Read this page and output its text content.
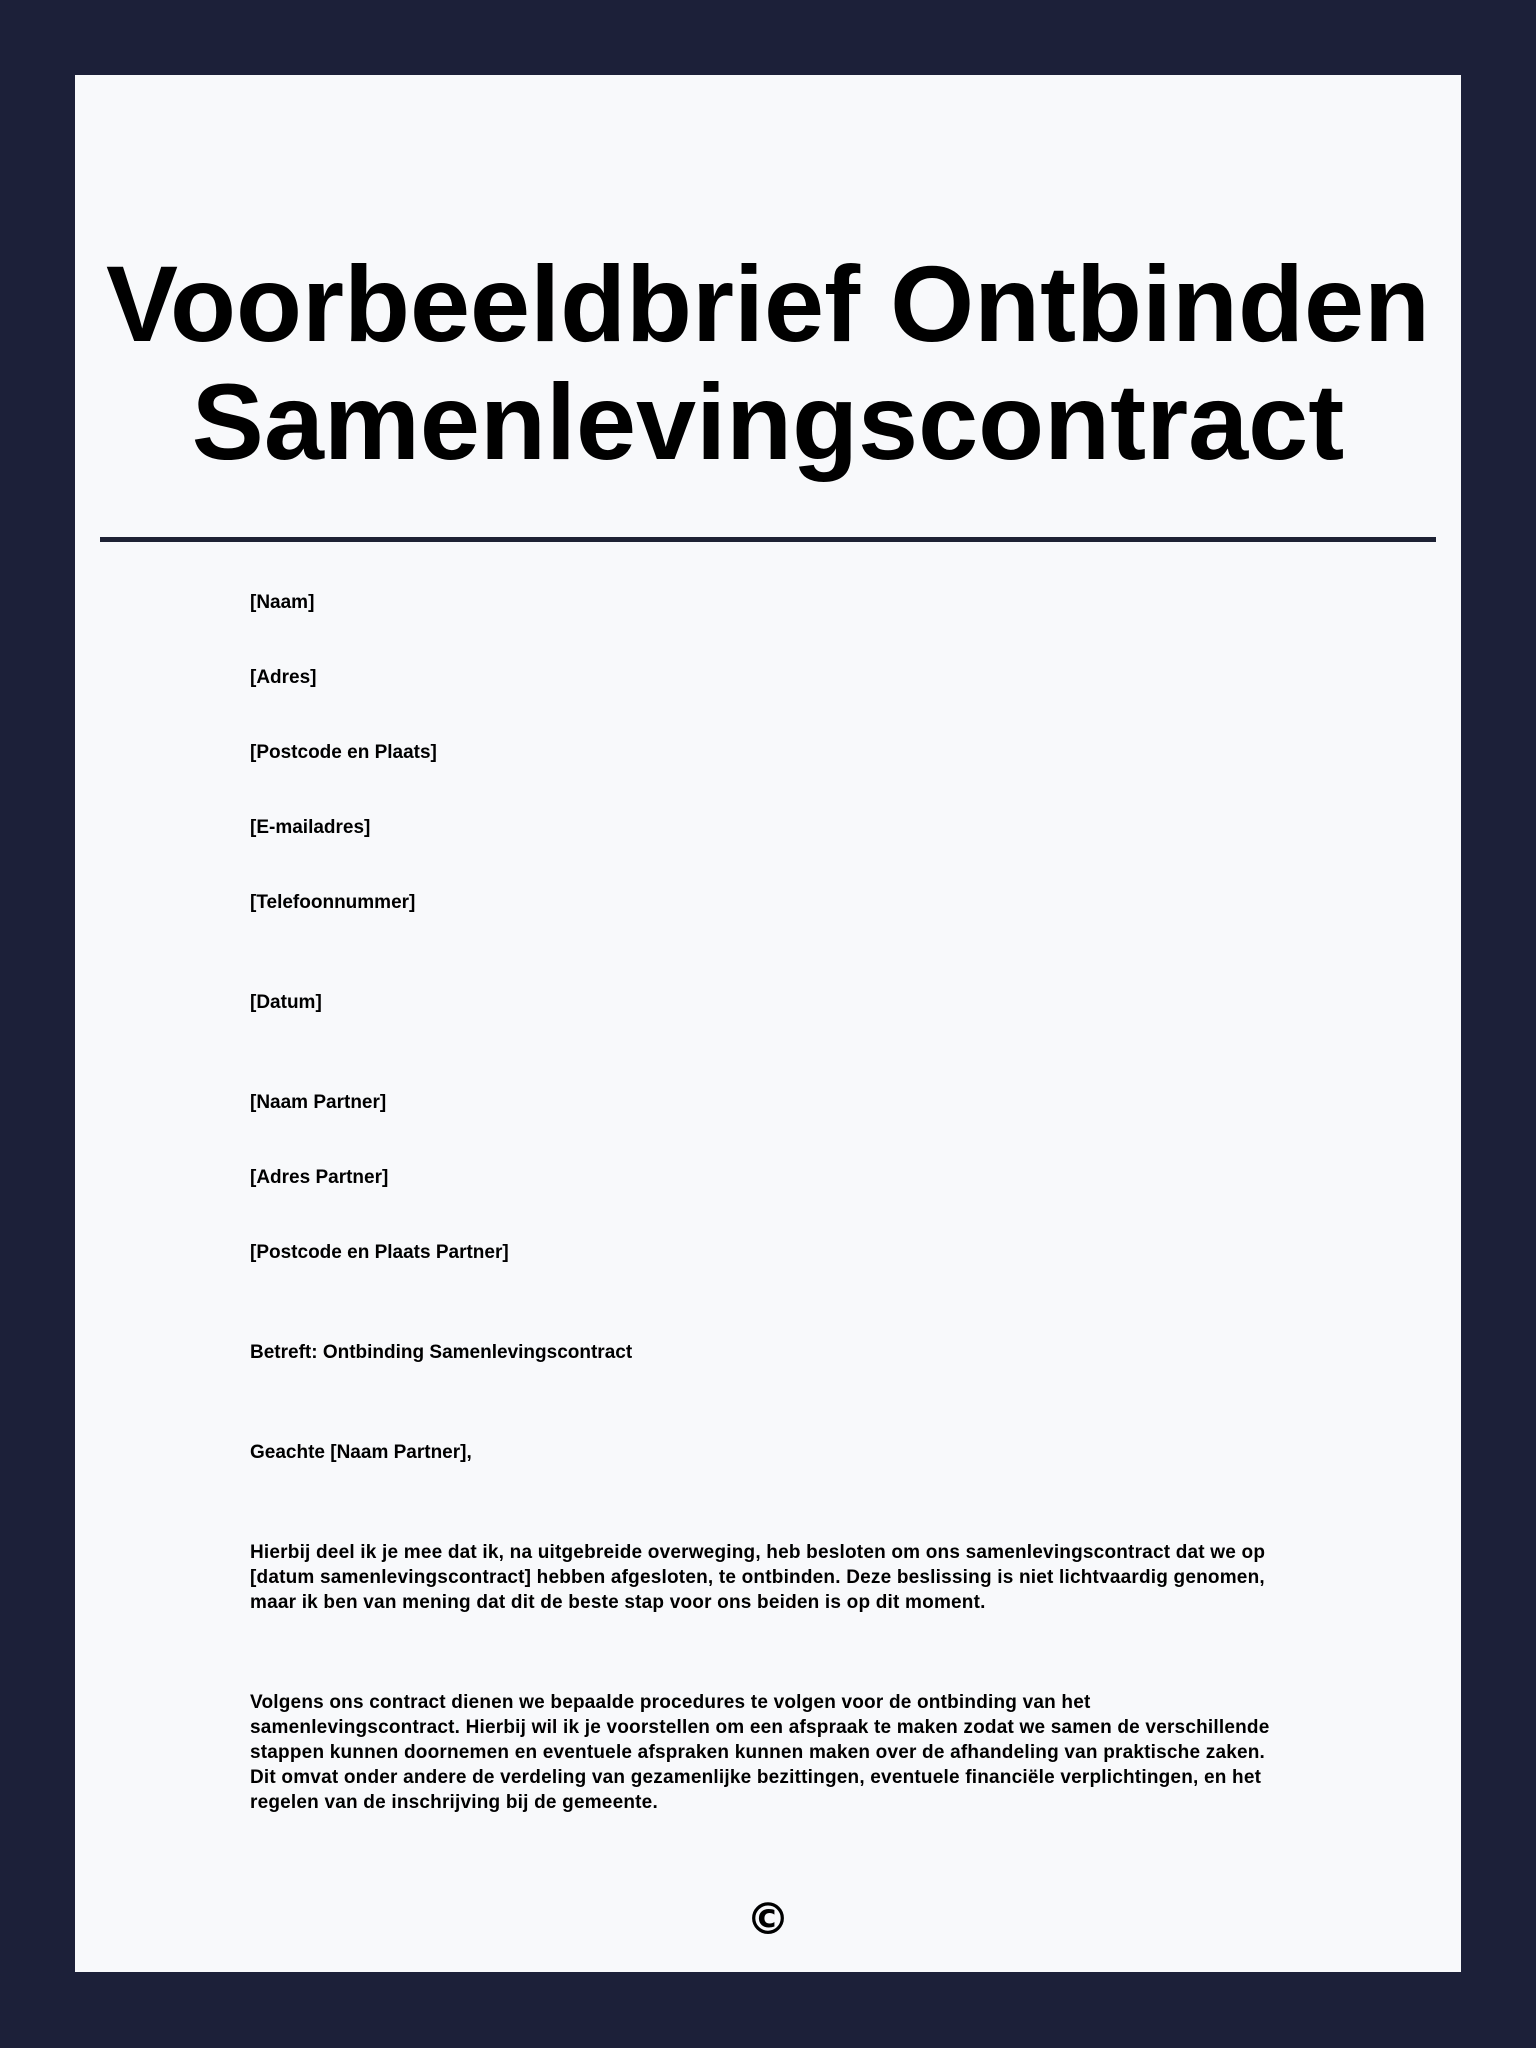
Voorbeeldbrief Ontbinden
Samenlevingscontract

[Naam]

[Adres]

[Postcode en Plaats]

[E-mailadres]

[Telefoonnummer]

[Datum]

[Naam Partner]

[Adres Partner]

[Postcode en Plaats Partner]

Betreft: Ontbinding Samenlevingscontract

Geachte [Naam Partner],

Hierbij deel ik je mee dat ik, na uitgebreide overweging, heb besloten om ons samenlevingscontract dat we op [datum samenlevingscontract] hebben afgesloten, te ontbinden. Deze beslissing is niet lichtvaardig genomen, maar ik ben van mening dat dit de beste stap voor ons beiden is op dit moment.

Volgens ons contract dienen we bepaalde procedures te volgen voor de ontbinding van het samenlevingscontract. Hierbij wil ik je voorstellen om een afspraak te maken zodat we samen de verschillende stappen kunnen doornemen en eventuele afspraken kunnen maken over de afhandeling van praktische zaken. Dit omvat onder andere de verdeling van gezamenlijke bezittingen, eventuele financiële verplichtingen, en het regelen van de inschrijving bij de gemeente.

©
